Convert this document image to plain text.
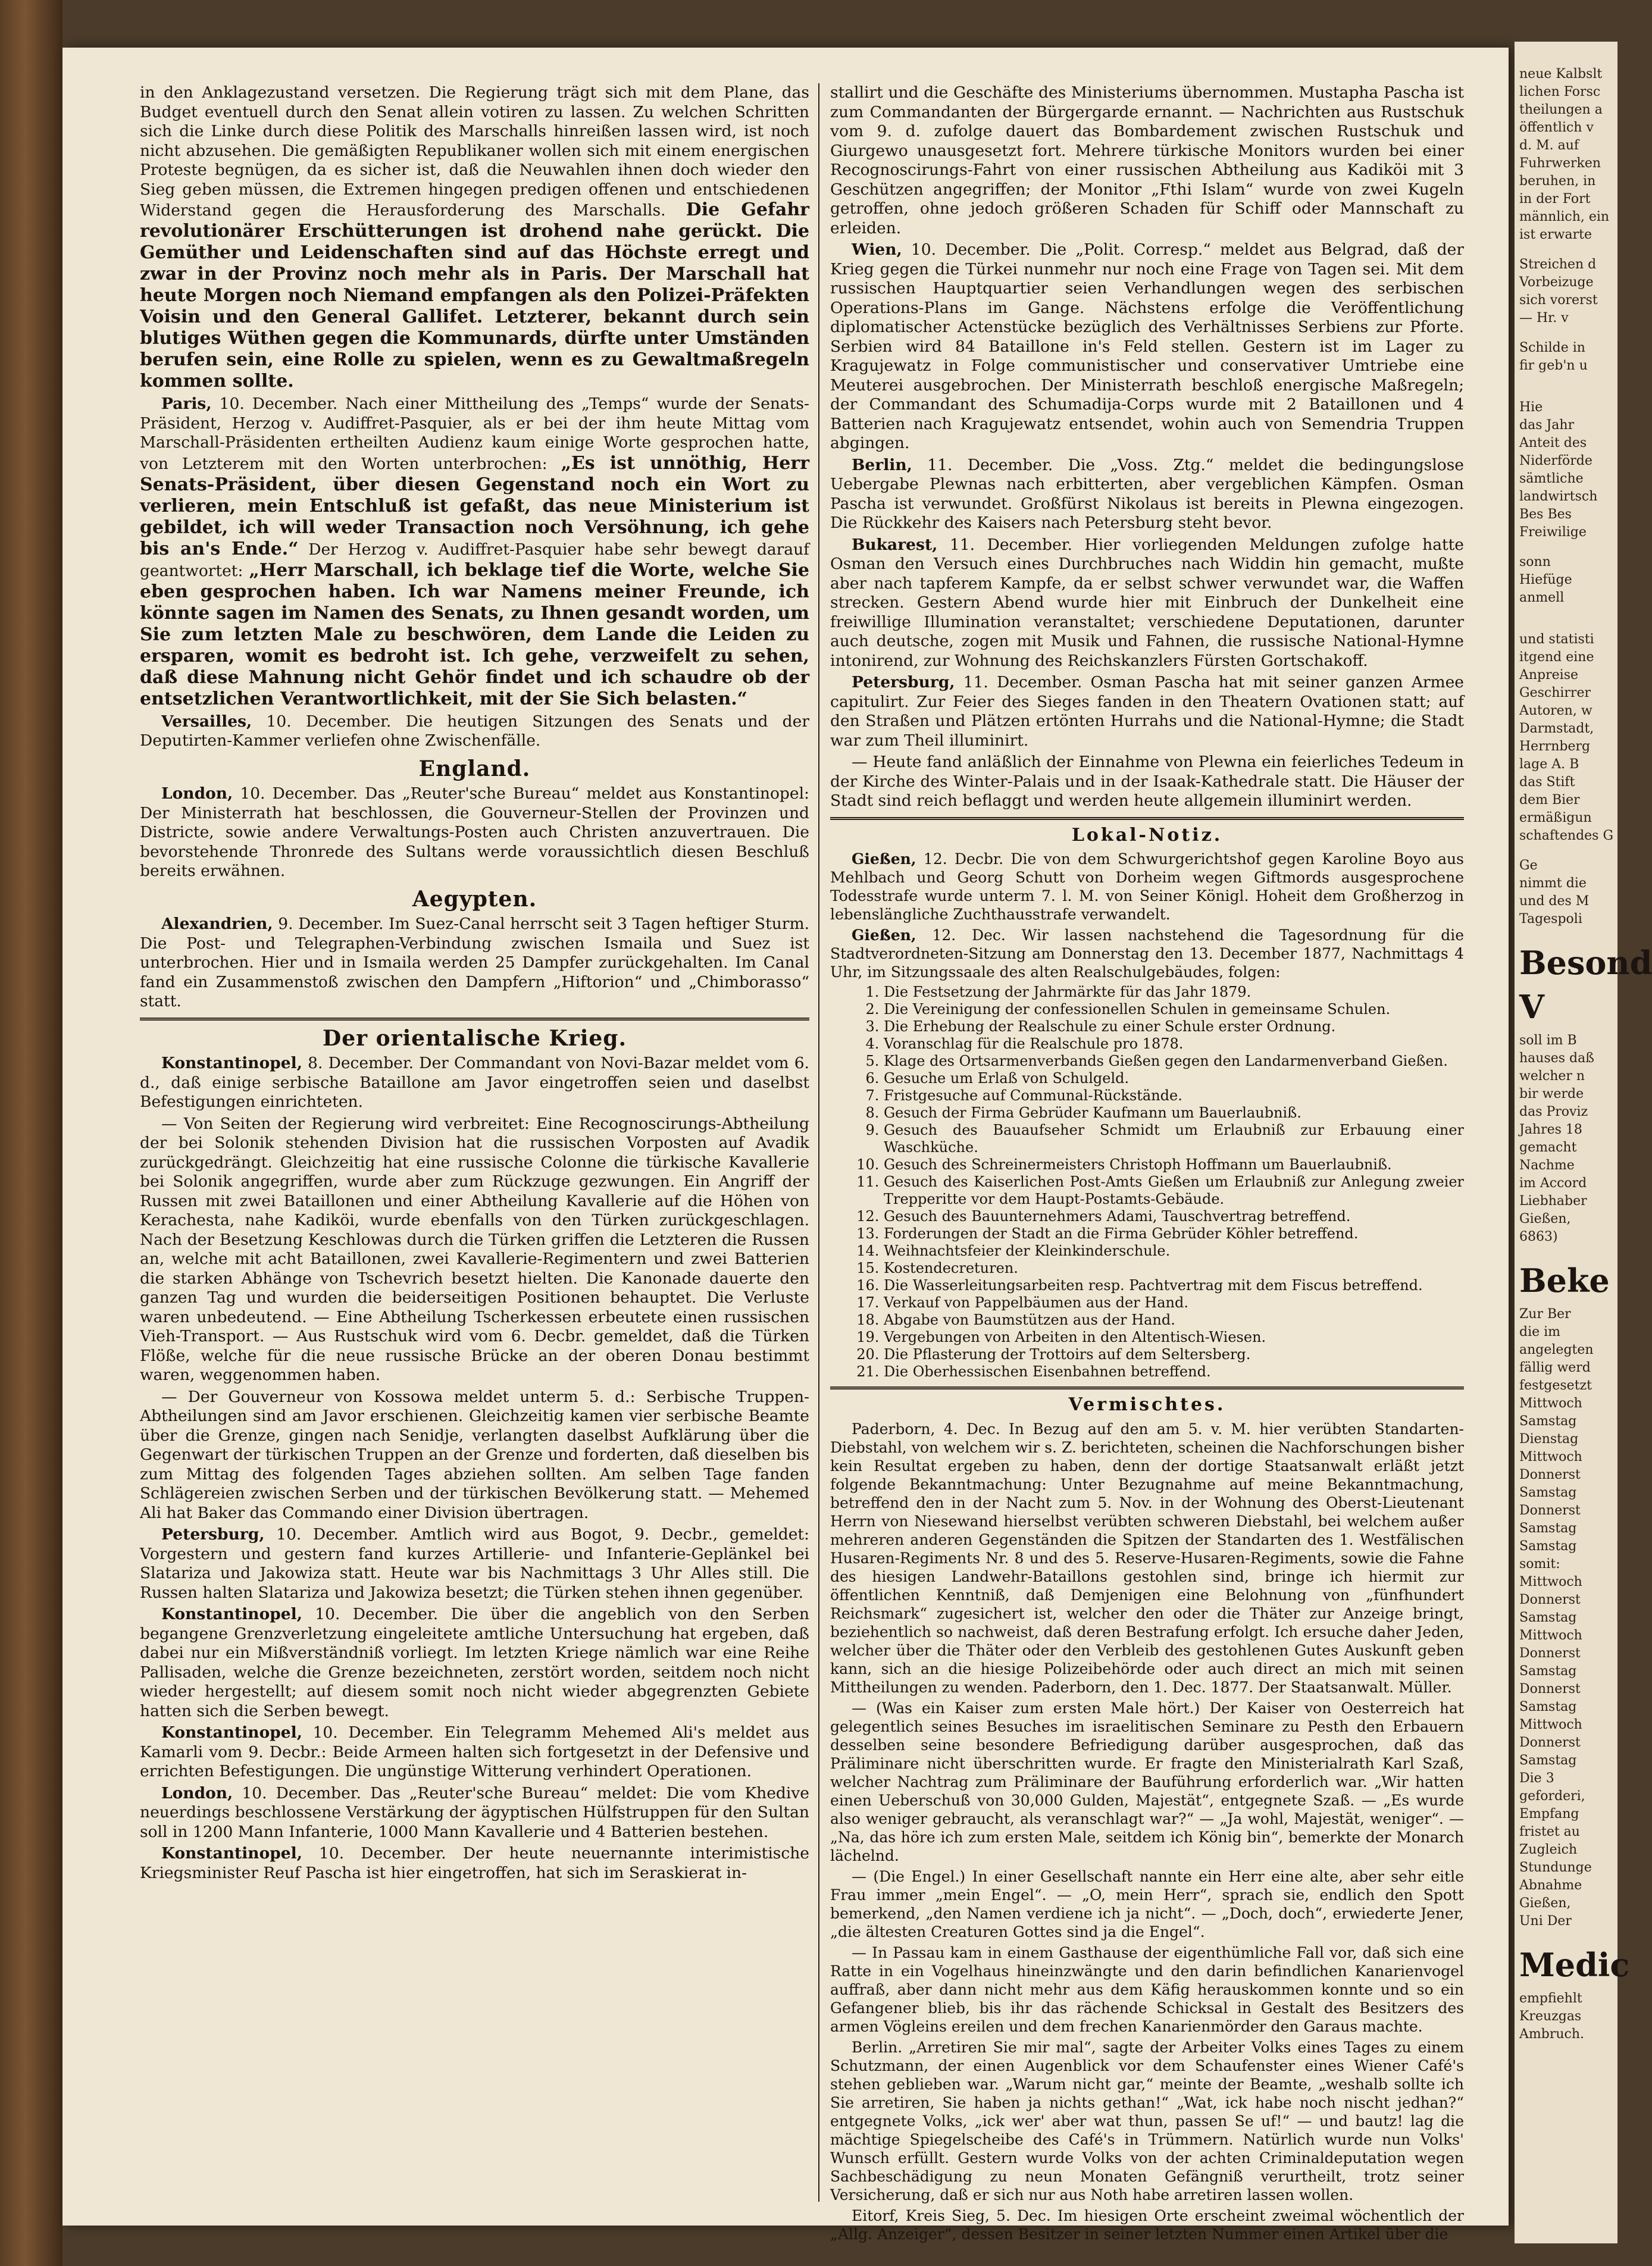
in den Anklagezustand versetzen. Die Regierung trägt sich mit dem Plane, das Budget eventuell durch den Senat allein votiren zu lassen. Zu welchen Schritten sich die Linke durch diese Politik des Marschalls hinreißen lassen wird, ist noch nicht abzusehen. Die gemäßigten Republikaner wollen sich mit einem energischen Proteste begnügen, da es sicher ist, daß die Neuwahlen ihnen doch wieder den Sieg geben müssen, die Extremen hingegen predigen offenen und entschiedenen Widerstand gegen die Herausforderung des Marschalls. Die Gefahr revolutionärer Erschütterungen ist drohend nahe gerückt. Die Gemüther und Leidenschaften sind auf das Höchste erregt und zwar in der Provinz noch mehr als in Paris. Der Marschall hat heute Morgen noch Niemand empfangen als den Polizei-Präfekten Voisin und den General Gallifet. Letzterer, bekannt durch sein blutiges Wüthen gegen die Kommunards, dürfte unter Umständen berufen sein, eine Rolle zu spielen, wenn es zu Gewaltmaßregeln kommen sollte.

Paris, 10. December. Nach einer Mittheilung des „Temps“ wurde der Senats-Präsident, Herzog v. Audiffret-Pasquier, als er bei der ihm heute Mittag vom Marschall-Präsidenten ertheilten Audienz kaum einige Worte gesprochen hatte, von Letzterem mit den Worten unterbrochen: „Es ist unnöthig, Herr Senats-Präsident, über diesen Gegenstand noch ein Wort zu verlieren, mein Entschluß ist gefaßt, das neue Ministerium ist gebildet, ich will weder Transaction noch Versöhnung, ich gehe bis an's Ende.“ Der Herzog v. Audiffret-Pasquier habe sehr bewegt darauf geantwortet: „Herr Marschall, ich beklage tief die Worte, welche Sie eben gesprochen haben. Ich war Namens meiner Freunde, ich könnte sagen im Namen des Senats, zu Ihnen gesandt worden, um Sie zum letzten Male zu beschwören, dem Lande die Leiden zu ersparen, womit es bedroht ist. Ich gehe, verzweifelt zu sehen, daß diese Mahnung nicht Gehör findet und ich schaudre ob der entsetzlichen Verantwortlichkeit, mit der Sie Sich belasten.“

Versailles, 10. December. Die heutigen Sitzungen des Senats und der Deputirten-Kammer verliefen ohne Zwischenfälle.

England.

London, 10. December. Das „Reuter'sche Bureau“ meldet aus Konstantinopel: Der Ministerrath hat beschlossen, die Gouverneur-Stellen der Provinzen und Districte, sowie andere Verwaltungs-Posten auch Christen anzuvertrauen. Die bevorstehende Thronrede des Sultans werde voraussichtlich diesen Beschluß bereits erwähnen.

Aegypten.

Alexandrien, 9. December. Im Suez-Canal herrscht seit 3 Tagen heftiger Sturm. Die Post- und Telegraphen-Verbindung zwischen Ismaila und Suez ist unterbrochen. Hier und in Ismaila werden 25 Dampfer zurückgehalten. Im Canal fand ein Zusammenstoß zwischen den Dampfern „Hiftorion“ und „Chimborasso“ statt.

Der orientalische Krieg.

Konstantinopel, 8. December. Der Commandant von Novi-Bazar meldet vom 6. d., daß einige serbische Bataillone am Javor eingetroffen seien und daselbst Befestigungen einrichteten.

— Von Seiten der Regierung wird verbreitet: Eine Recognoscirungs-Abtheilung der bei Solonik stehenden Division hat die russischen Vorposten auf Avadik zurückgedrängt. Gleichzeitig hat eine russische Colonne die türkische Kavallerie bei Solonik angegriffen, wurde aber zum Rückzuge gezwungen. Ein Angriff der Russen mit zwei Bataillonen und einer Abtheilung Kavallerie auf die Höhen von Kerachesta, nahe Kadiköi, wurde ebenfalls von den Türken zurückgeschlagen. Nach der Besetzung Keschlowas durch die Türken griffen die Letzteren die Russen an, welche mit acht Bataillonen, zwei Kavallerie-Regimentern und zwei Batterien die starken Abhänge von Tschevrich besetzt hielten. Die Kanonade dauerte den ganzen Tag und wurden die beiderseitigen Positionen behauptet. Die Verluste waren unbedeutend. — Eine Abtheilung Tscherkessen erbeutete einen russischen Vieh-Transport. — Aus Rustschuk wird vom 6. Decbr. gemeldet, daß die Türken Flöße, welche für die neue russische Brücke an der oberen Donau bestimmt waren, weggenommen haben.

— Der Gouverneur von Kossowa meldet unterm 5. d.: Serbische Truppen-Abtheilungen sind am Javor erschienen. Gleichzeitig kamen vier serbische Beamte über die Grenze, gingen nach Senidje, verlangten daselbst Aufklärung über die Gegenwart der türkischen Truppen an der Grenze und forderten, daß dieselben bis zum Mittag des folgenden Tages abziehen sollten. Am selben Tage fanden Schlägereien zwischen Serben und der türkischen Bevölkerung statt. — Mehemed Ali hat Baker das Commando einer Division übertragen.

Petersburg, 10. December. Amtlich wird aus Bogot, 9. Decbr., gemeldet: Vorgestern und gestern fand kurzes Artillerie- und Infanterie-Geplänkel bei Slatariza und Jakowiza statt. Heute war bis Nachmittags 3 Uhr Alles still. Die Russen halten Slatariza und Jakowiza besetzt; die Türken stehen ihnen gegenüber.

Konstantinopel, 10. December. Die über die angeblich von den Serben begangene Grenzverletzung eingeleitete amtliche Untersuchung hat ergeben, daß dabei nur ein Mißverständniß vorliegt. Im letzten Kriege nämlich war eine Reihe Pallisaden, welche die Grenze bezeichneten, zerstört worden, seitdem noch nicht wieder hergestellt; auf diesem somit noch nicht wieder abgegrenzten Gebiete hatten sich die Serben bewegt.

Konstantinopel, 10. December. Ein Telegramm Mehemed Ali's meldet aus Kamarli vom 9. Decbr.: Beide Armeen halten sich fortgesetzt in der Defensive und errichten Befestigungen. Die ungünstige Witterung verhindert Operationen.

London, 10. December. Das „Reuter'sche Bureau“ meldet: Die vom Khedive neuerdings beschlossene Verstärkung der ägyptischen Hülfstruppen für den Sultan soll in 1200 Mann Infanterie, 1000 Mann Kavallerie und 4 Batterien bestehen.

Konstantinopel, 10. December. Der heute neuernannte interimistische Kriegsminister Reuf Pascha ist hier eingetroffen, hat sich im Seraskierat in-

stallirt und die Geschäfte des Ministeriums übernommen. Mustapha Pascha ist zum Commandanten der Bürgergarde ernannt. — Nachrichten aus Rustschuk vom 9. d. zufolge dauert das Bombardement zwischen Rustschuk und Giurgewo unausgesetzt fort. Mehrere türkische Monitors wurden bei einer Recognoscirungs-Fahrt von einer russischen Abtheilung aus Kadiköi mit 3 Geschützen angegriffen; der Monitor „Fthi Islam“ wurde von zwei Kugeln getroffen, ohne jedoch größeren Schaden für Schiff oder Mannschaft zu erleiden.

Wien, 10. December. Die „Polit. Corresp.“ meldet aus Belgrad, daß der Krieg gegen die Türkei nunmehr nur noch eine Frage von Tagen sei. Mit dem russischen Hauptquartier seien Verhandlungen wegen des serbischen Operations-Plans im Gange. Nächstens erfolge die Veröffentlichung diplomatischer Actenstücke bezüglich des Verhältnisses Serbiens zur Pforte. Serbien wird 84 Bataillone in's Feld stellen. Gestern ist im Lager zu Kragujewatz in Folge communistischer und conservativer Umtriebe eine Meuterei ausgebrochen. Der Ministerrath beschloß energische Maßregeln; der Commandant des Schumadija-Corps wurde mit 2 Bataillonen und 4 Batterien nach Kragujewatz entsendet, wohin auch von Semendria Truppen abgingen.

Berlin, 11. December. Die „Voss. Ztg.“ meldet die bedingungslose Uebergabe Plewnas nach erbitterten, aber vergeblichen Kämpfen. Osman Pascha ist verwundet. Großfürst Nikolaus ist bereits in Plewna eingezogen. Die Rückkehr des Kaisers nach Petersburg steht bevor.

Bukarest, 11. December. Hier vorliegenden Meldungen zufolge hatte Osman den Versuch eines Durchbruches nach Widdin hin gemacht, mußte aber nach tapferem Kampfe, da er selbst schwer verwundet war, die Waffen strecken. Gestern Abend wurde hier mit Einbruch der Dunkelheit eine freiwillige Illumination veranstaltet; verschiedene Deputationen, darunter auch deutsche, zogen mit Musik und Fahnen, die russische National-Hymne intonirend, zur Wohnung des Reichskanzlers Fürsten Gortschakoff.

Petersburg, 11. December. Osman Pascha hat mit seiner ganzen Armee capitulirt. Zur Feier des Sieges fanden in den Theatern Ovationen statt; auf den Straßen und Plätzen ertönten Hurrahs und die National-Hymne; die Stadt war zum Theil illuminirt.

— Heute fand anläßlich der Einnahme von Plewna ein feierliches Tedeum in der Kirche des Winter-Palais und in der Isaak-Kathedrale statt. Die Häuser der Stadt sind reich beflaggt und werden heute allgemein illuminirt werden.

Lokal-Notiz.

Gießen, 12. Decbr. Die von dem Schwurgerichtshof gegen Karoline Boyo aus Mehlbach und Georg Schutt von Dorheim wegen Giftmords ausgesprochene Todesstrafe wurde unterm 7. l. M. von Seiner Königl. Hoheit dem Großherzog in lebenslängliche Zuchthausstrafe verwandelt.

Gießen, 12. Dec. Wir lassen nachstehend die Tagesordnung für die Stadtverordneten-Sitzung am Donnerstag den 13. December 1877, Nachmittags 4 Uhr, im Sitzungssaale des alten Realschulgebäudes, folgen:

1. Die Festsetzung der Jahrmärkte für das Jahr 1879.
2. Die Vereinigung der confessionellen Schulen in gemeinsame Schulen.
3. Die Erhebung der Realschule zu einer Schule erster Ordnung.
4. Voranschlag für die Realschule pro 1878.
5. Klage des Ortsarmenverbands Gießen gegen den Landarmenverband Gießen.
6. Gesuche um Erlaß von Schulgeld.
7. Fristgesuche auf Communal-Rückstände.
8. Gesuch der Firma Gebrüder Kaufmann um Bauerlaubniß.
9. Gesuch des Bauaufseher Schmidt um Erlaubniß zur Erbauung einer Waschküche.
10. Gesuch des Schreinermeisters Christoph Hoffmann um Bauerlaubniß.
11. Gesuch des Kaiserlichen Post-Amts Gießen um Erlaubniß zur Anlegung zweier Trepperitte vor dem Haupt-Postamts-Gebäude.
12. Gesuch des Bauunternehmers Adami, Tauschvertrag betreffend.
13. Forderungen der Stadt an die Firma Gebrüder Köhler betreffend.
14. Weihnachtsfeier der Kleinkinderschule.
15. Kostendecreturen.
16. Die Wasserleitungsarbeiten resp. Pachtvertrag mit dem Fiscus betreffend.
17. Verkauf von Pappelbäumen aus der Hand.
18. Abgabe von Baumstützen aus der Hand.
19. Vergebungen von Arbeiten in den Altentisch-Wiesen.
20. Die Pflasterung der Trottoirs auf dem Seltersberg.
21. Die Oberhessischen Eisenbahnen betreffend.
Vermischtes.

Paderborn, 4. Dec. In Bezug auf den am 5. v. M. hier verübten Standarten-Diebstahl, von welchem wir s. Z. berichteten, scheinen die Nachforschungen bisher kein Resultat ergeben zu haben, denn der dortige Staatsanwalt erläßt jetzt folgende Bekanntmachung: Unter Bezugnahme auf meine Bekanntmachung, betreffend den in der Nacht zum 5. Nov. in der Wohnung des Oberst-Lieutenant Herrn von Niesewand hierselbst verübten schweren Diebstahl, bei welchem außer mehreren anderen Gegenständen die Spitzen der Standarten des 1. Westfälischen Husaren-Regiments Nr. 8 und des 5. Reserve-Husaren-Regiments, sowie die Fahne des hiesigen Landwehr-Bataillons gestohlen sind, bringe ich hiermit zur öffentlichen Kenntniß, daß Demjenigen eine Belohnung von „fünfhundert Reichsmark“ zugesichert ist, welcher den oder die Thäter zur Anzeige bringt, beziehentlich so nachweist, daß deren Bestrafung erfolgt. Ich ersuche daher Jeden, welcher über die Thäter oder den Verbleib des gestohlenen Gutes Auskunft geben kann, sich an die hiesige Polizeibehörde oder auch direct an mich mit seinen Mittheilungen zu wenden. Paderborn, den 1. Dec. 1877. Der Staatsanwalt. Müller.

— (Was ein Kaiser zum ersten Male hört.) Der Kaiser von Oesterreich hat gelegentlich seines Besuches im israelitischen Seminare zu Pesth den Erbauern desselben seine besondere Befriedigung darüber ausgesprochen, daß das Präliminare nicht überschritten wurde. Er fragte den Ministerialrath Karl Szaß, welcher Nachtrag zum Präliminare der Bauführung erforderlich war. „Wir hatten einen Ueberschuß von 30,000 Gulden, Majestät“, entgegnete Szaß. — „Es wurde also weniger gebraucht, als veranschlagt war?“ — „Ja wohl, Majestät, weniger“. — „Na, das höre ich zum ersten Male, seitdem ich König bin“, bemerkte der Monarch lächelnd.

— (Die Engel.) In einer Gesellschaft nannte ein Herr eine alte, aber sehr eitle Frau immer „mein Engel“. — „O, mein Herr“, sprach sie, endlich den Spott bemerkend, „den Namen verdiene ich ja nicht“. — „Doch, doch“, erwiederte Jener, „die ältesten Creaturen Gottes sind ja die Engel“.

— In Passau kam in einem Gasthause der eigenthümliche Fall vor, daß sich eine Ratte in ein Vogelhaus hineinzwängte und den darin befindlichen Kanarienvogel auffraß, aber dann nicht mehr aus dem Käfig herauskommen konnte und so ein Gefangener blieb, bis ihr das rächende Schicksal in Gestalt des Besitzers des armen Vögleins ereilen und dem frechen Kanarienmörder den Garaus machte.

Berlin. „Arretiren Sie mir mal“, sagte der Arbeiter Volks eines Tages zu einem Schutzmann, der einen Augenblick vor dem Schaufenster eines Wiener Café's stehen geblieben war. „Warum nicht gar,“ meinte der Beamte, „weshalb sollte ich Sie arretiren, Sie haben ja nichts gethan!“ „Wat, ick habe noch nischt jedhan?“ entgegnete Volks, „ick wer' aber wat thun, passen Se uf!“ — und bautz! lag die mächtige Spiegelscheibe des Café's in Trümmern. Natürlich wurde nun Volks' Wunsch erfüllt. Gestern wurde Volks von der achten Criminaldeputation wegen Sachbeschädigung zu neun Monaten Gefängniß verurtheilt, trotz seiner Versicherung, daß er sich nur aus Noth habe arretiren lassen wollen.

Eitorf, Kreis Sieg, 5. Dec. Im hiesigen Orte erscheint zweimal wöchentlich der „Allg. Anzeiger“, dessen Besitzer in seiner letzten Nummer einen Artikel über die

neue Kalbslt
lichen Forsc
theilungen a
öffentlich v
d. M. auf
Fuhrwerken
beruhen, in
in der Fort
männlich, ein
ist erwarte
Streichen d
Vorbeizuge
sich vorerst
— Hr. v
Schilde in
fir geb'n u
Hie
das Jahr
Anteit des
Niderförde
sämtliche
landwirtsch
Bes Bes
Freiwilige
sonn
Hiefüge
anmell
und statisti
itgend eine
Anpreise
Geschirrer
Autoren, w
Darmstadt,
Herrnberg
lage A. B
das Stift
dem Bier
ermäßigun
schaftendes G
Ge
nimmt die
und des M
Tagespoli
Besond
V
soll im B
hauses daß
welcher n
bir werde
das Proviz
Jahres 18
gemacht
Nachme
im Accord
Liebhaber
Gießen,
6863)
Beke
Zur Ber
die im
angelegten
fällig werd
festgesetzt
Mittwoch
Samstag
Dienstag
Mittwoch
Donnerst
Samstag
Donnerst
Samstag
Samstag
somit:
Mittwoch
Donnerst
Samstag
Mittwoch
Donnerst
Samstag
Donnerst
Samstag
Mittwoch
Donnerst
Samstag
Die 3
geforderi,
Empfang
fristet au
Zugleich
Stundunge
Abnahme
Gießen,
Uni Der
Medic
empfiehlt
Kreuzgas
Ambruch.
